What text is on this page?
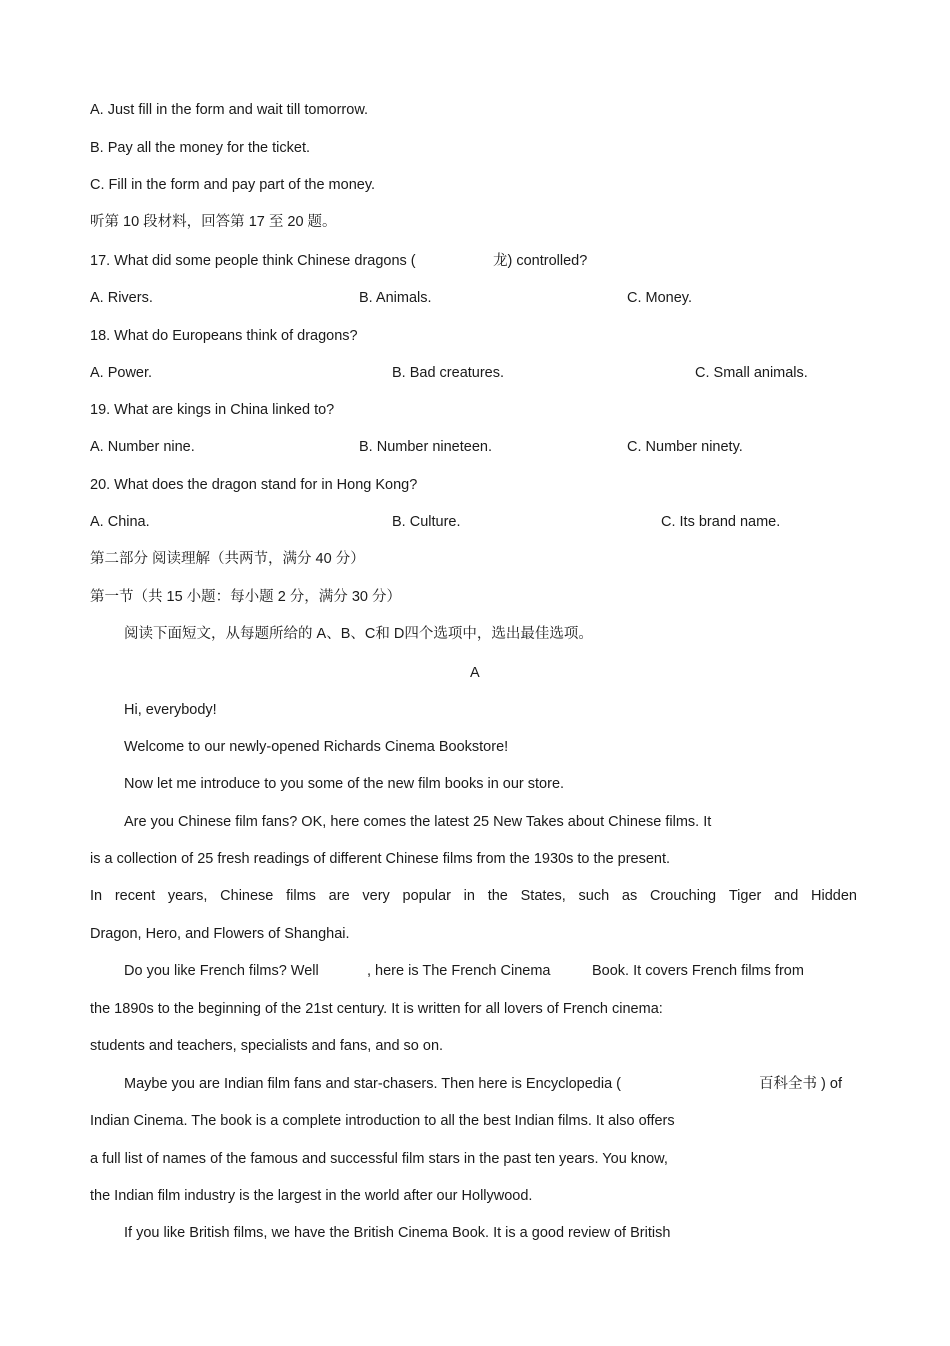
A. Just fill in the form and wait till tomorrow.
B. Pay all the money for the ticket.
C. Fill in the form and pay part of the money.
听第 10 段材料，回答第 17 至 20 题。
17. What did some people think Chinese dragons (	龙) controlled?
A. Rivers.	B. Animals.	C. Money.
18. What do Europeans think of dragons?
A. Power.	B. Bad creatures.	C. Small animals.
19. What are kings in China linked to?
A. Number nine.	B. Number nineteen.	C. Number ninety.
20. What does the dragon stand for in Hong Kong?
A. China.	B. Culture.	C. Its brand name.
第二部分 阅读理解（共两节，满分 40 分）
第一节（共 15 小题：每小题 2 分，满分 30 分）
阅读下面短文，从每题所给的 A、B、C和 D四个选项中，选出最佳选项。
A
Hi, everybody!
Welcome to our newly-opened Richards Cinema Bookstore!
Now let me introduce to you some of the new film books in our store.
Are you Chinese film fans? OK, here comes the latest 25 New Takes about Chinese films. It
is a collection of 25 fresh readings of different Chinese films from the 1930s to the present.
In recent years, Chinese films are very popular in the States, such as Crouching Tiger and Hidden
Dragon, Hero, and Flowers of Shanghai.
Do you like French films? Well	, here is The French Cinema	Book. It covers French films from
the 1890s to the beginning of the 21st century. It is written for all lovers of French cinema:
students and teachers, specialists and fans, and so on.
Maybe you are Indian film fans and star-chasers. Then here is Encyclopedia (	百科全书 ) of
Indian Cinema. The book is a complete introduction to all the best Indian films. It also offers
a full list of names of the famous and successful film stars in the past ten years. You know,
the Indian film industry is the largest in the world after our Hollywood.
If you like British films, we have the British Cinema Book. It is a good review of British
